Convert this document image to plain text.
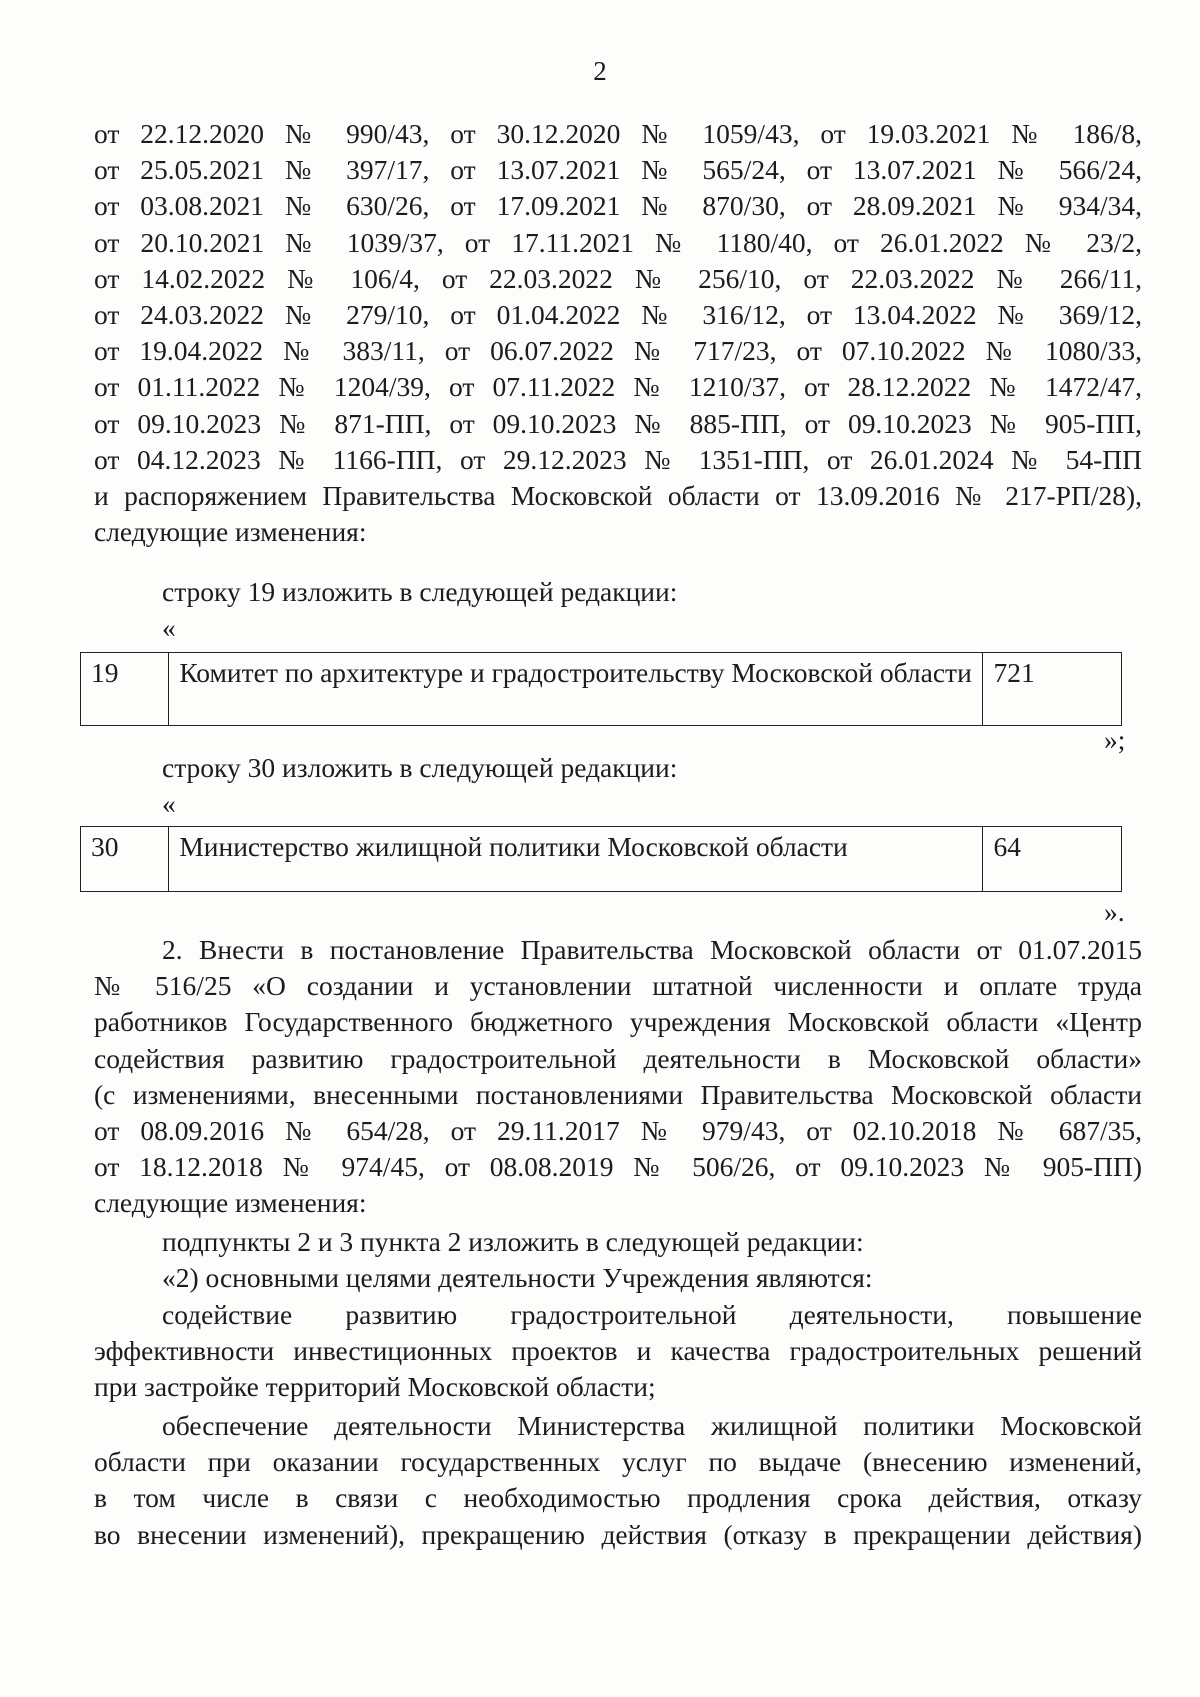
2
от 22.12.2020 № 990/43, от 30.12.2020 № 1059/43, от 19.03.2021 № 186/8,
от 25.05.2021 № 397/17, от 13.07.2021 № 565/24, от 13.07.2021 № 566/24,
от 03.08.2021 № 630/26, от 17.09.2021 № 870/30, от 28.09.2021 № 934/34,
от 20.10.2021 № 1039/37, от 17.11.2021 № 1180/40, от 26.01.2022 № 23/2,
от 14.02.2022 № 106/4, от 22.03.2022 № 256/10, от 22.03.2022 № 266/11,
от 24.03.2022 № 279/10, от 01.04.2022 № 316/12, от 13.04.2022 № 369/12,
от 19.04.2022 № 383/11, от 06.07.2022 № 717/23, от 07.10.2022 № 1080/33,
от 01.11.2022 № 1204/39, от 07.11.2022 № 1210/37, от 28.12.2022 № 1472/47,
от 09.10.2023 № 871-ПП, от 09.10.2023 № 885-ПП, от 09.10.2023 № 905-ПП,
от 04.12.2023 № 1166-ПП, от 29.12.2023 № 1351-ПП, от 26.01.2024 № 54-ПП
и распоряжением Правительства Московской области от 13.09.2016 № 217-РП/28),
следующие изменения:
строку 19 изложить в следующей редакции:
«
19	Комитет по архитектуре и градостроительству Московской области	721
»;
строку 30 изложить в следующей редакции:
«
30	Министерство жилищной политики Московской области	64
».
2. Внести в постановление Правительства Московской области от 01.07.2015
№ 516/25 «О создании и установлении штатной численности и оплате труда
работников Государственного бюджетного учреждения Московской области «Центр
содействия развитию градостроительной деятельности в Московской области»
(с изменениями, внесенными постановлениями Правительства Московской области
от 08.09.2016 № 654/28, от 29.11.2017 № 979/43, от 02.10.2018 № 687/35,
от 18.12.2018 № 974/45, от 08.08.2019 № 506/26, от 09.10.2023 № 905-ПП)
следующие изменения:
подпункты 2 и 3 пункта 2 изложить в следующей редакции:
«2) основными целями деятельности Учреждения являются:
содействие развитию градостроительной деятельности, повышение
эффективности инвестиционных проектов и качества градостроительных решений
при застройке территорий Московской области;
обеспечение деятельности Министерства жилищной политики Московской
области при оказании государственных услуг по выдаче (внесению изменений,
в том числе в связи с необходимостью продления срока действия, отказу
во внесении изменений), прекращению действия (отказу в прекращении действия)
